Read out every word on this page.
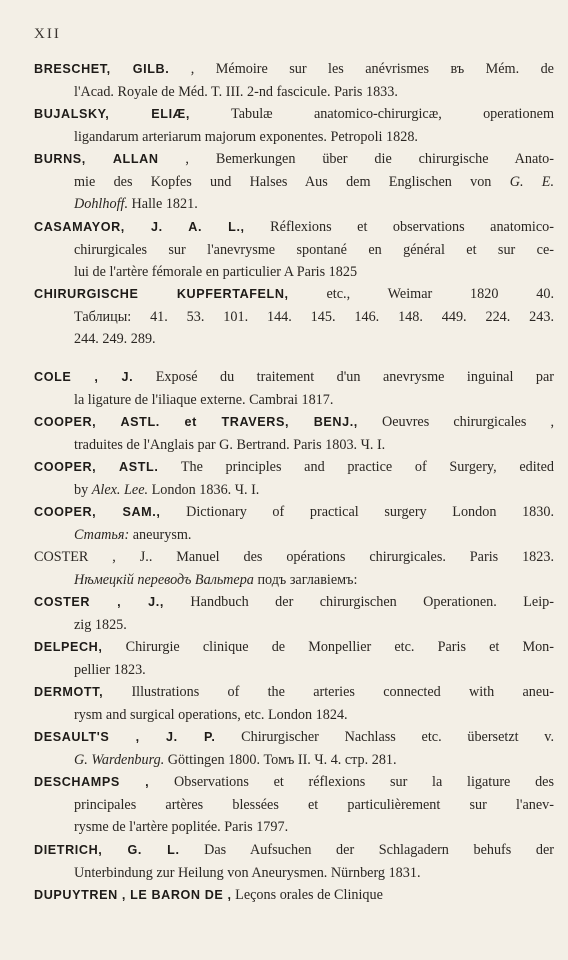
XII
BRESCHET, GILB. , Mémoire sur les anévrismes въ Mém. de
l'Acad. Royale de Méd. T. III. 2-nd fascicule. Paris 1833.
BUJALSKY, ELIÆ, Tabulæ anatomico-chirurgicæ, operationem
ligandarum arteriarum majorum exponentes. Petropoli 1828.
BURNS, ALLAN , Bemerkungen über die chirurgische Anato-
mie des Kopfes und Halses Aus dem Englischen von G. E.
Dohlhoff. Halle 1821.
CASAMAYOR, J. A. L., Réflexions et observations anatomico-
chirurgicales sur l'anevrysme spontané en général et sur ce-
lui de l'artère fémorale en particulier A Paris 1825
CHIRURGISCHE KUPFERTAFELN, etc., Weimar 1820 40.
Таблицы: 41. 53. 101. 144. 145. 146. 148. 449. 224. 243.
244. 249. 289.
COLE , J. Exposé du traitement d'un anevrysme inguinal par
la ligature de l'iliaque externe. Cambrai 1817.
COOPER, ASTL. et TRAVERS, BENJ., Oeuvres chirurgicales ,
traduites de l'Anglais par G. Bertrand. Paris 1803. Ч. I.
COOPER, ASTL. The principles and practice of Surgery, edited
by Alex. Lee. London 1836. Ч. I.
COOPER, SAM., Dictionary of practical surgery London 1830.
Статья: aneurysm.
COSTER , J.. Manuel des opérations chirurgicales. Paris 1823.
Нѣмецкій переводъ Вальтера подъ заглавіемъ:
COSTER , J., Handbuch der chirurgischen Operationen. Leip-
zig 1825.
DELPECH, Chirurgie clinique de Monpellier etc. Paris et Mon-
pellier 1823.
DERMOTT, Illustrations of the arteries connected with aneu-
rysm and surgical operations, etc. London 1824.
DESAULT'S , J. P. Chirurgischer Nachlass etc. übersetzt v.
G. Wardenburg. Göttingen 1800. Томъ II. Ч. 4. стр. 281.
DESCHAMPS , Observations et réflexions sur la ligature des
principales artères blessées et particulièrement sur l'anev-
rysme de l'artère poplitée. Paris 1797.
DIETRICH, G. L. Das Aufsuchen der Schlagadern behufs der
Unterbindung zur Heilung von Aneurysmen. Nürnberg 1831.
DUPUYTREN , LE BARON DE , Leçons orales de Clinique
